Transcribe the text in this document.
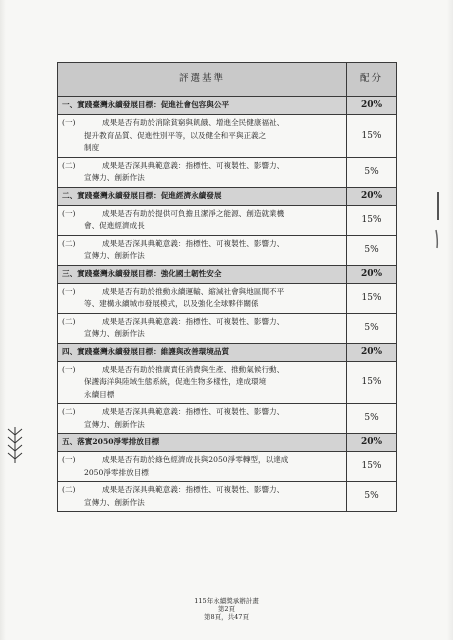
評選基準	配分
一、實踐臺灣永續發展目標：促進社會包容與公平	20%

(一) 成果是否有助於消除貧窮與飢餓、增進全民健康福祉、
提升教育品質、促進性別平等，以及健全和平與正義之
制度	15%

(二) 成果是否深具典範意義：指標性、可複製性、影響力、
宣傳力、創新作法	5%
二、實踐臺灣永續發展目標：促進經濟永續發展	20%

(一) 成果是否有助於提供可負擔且潔淨之能源、創造就業機
會、促進經濟成長	15%

(二) 成果是否深具典範意義：指標性、可複製性、影響力、
宣傳力、創新作法	5%
三、實踐臺灣永續發展目標：強化國土韌性安全	20%

(一) 成果是否有助於推動永續運輸、縮減社會與地區間不平
等、建構永續城市發展模式，以及強化全球夥伴關係	15%

(二) 成果是否深具典範意義：指標性、可複製性、影響力、
宣傳力、創新作法	5%
四、實踐臺灣永續發展目標：維護與改善環境品質	20%

(一) 成果是否有助於推廣責任消費與生產、推動氣候行動、
保護海洋與陸域生態系統，促進生物多樣性，達成環境
永續目標	15%

(二) 成果是否深具典範意義：指標性、可複製性、影響力、
宣傳力、創新作法	5%
五、落實2050淨零排放目標	20%

(一) 成果是否有助於綠色經濟成長與2050淨零轉型，以達成
2050淨零排放目標	15%

(二) 成果是否深具典範意義：指標性、可複製性、影響力、
宣傳力、創新作法	5%
115年永續獎承辦計畫
第2頁
第8頁，共47頁
